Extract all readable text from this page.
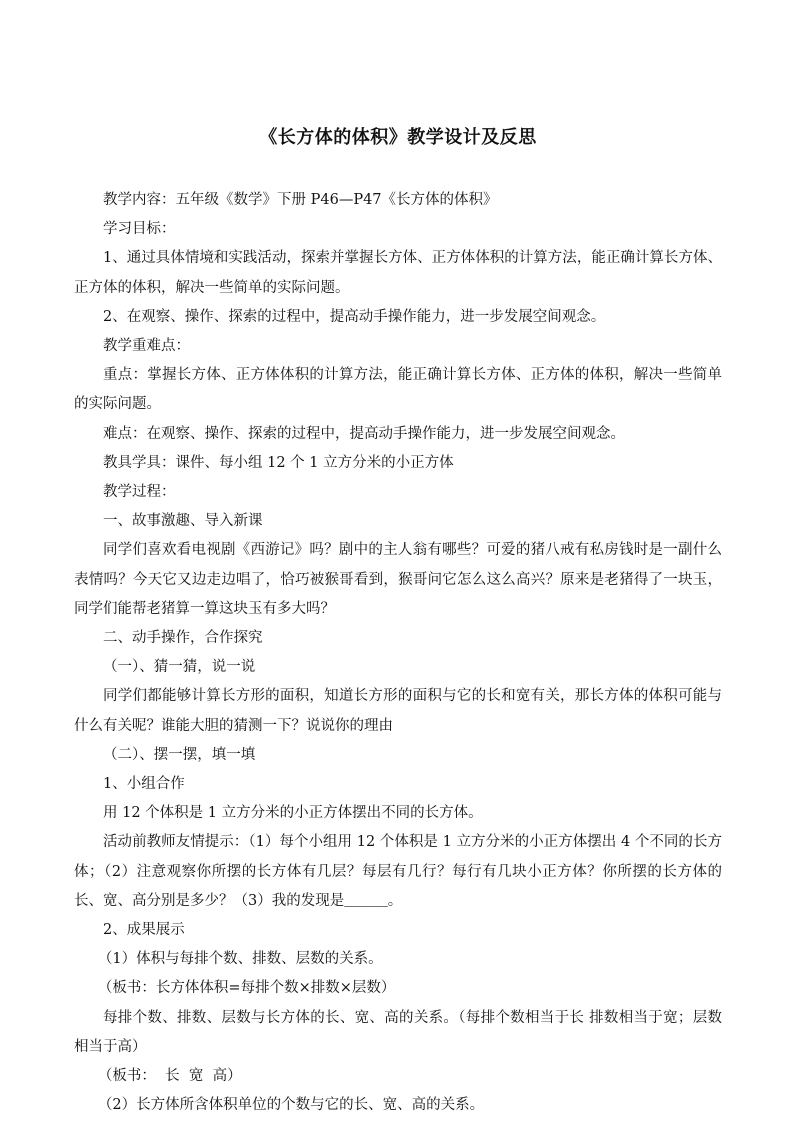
《长方体的体积》教学设计及反思

教学内容：五年级《数学》下册 P46—P47《长方体的体积》

学习目标：

1、通过具体情境和实践活动，探索并掌握长方体、正方体体积的计算方法，能正确计算长方体、正方体的体积，解决一些简单的实际问题。

2、在观察、操作、探索的过程中，提高动手操作能力，进一步发展空间观念。

教学重难点：

重点：掌握长方体、正方体体积的计算方法，能正确计算长方体、正方体的体积，解决一些简单的实际问题。

难点：在观察、操作、探索的过程中，提高动手操作能力，进一步发展空间观念。

教具学具：课件、每小组 12 个 1 立方分米的小正方体

教学过程：

一、故事激趣、导入新课

同学们喜欢看电视剧《西游记》吗？剧中的主人翁有哪些？可爱的猪八戒有私房钱时是一副什么表情吗？今天它又边走边唱了，恰巧被猴哥看到，猴哥问它怎么这么高兴？原来是老猪得了一块玉，同学们能帮老猪算一算这块玉有多大吗？

二、动手操作，合作探究

（一）、猜一猜，说一说

同学们都能够计算长方形的面积，知道长方形的面积与它的长和宽有关，那长方体的体积可能与什么有关呢？谁能大胆的猜测一下？说说你的理由

（二）、摆一摆，填一填

1、小组合作

用 12 个体积是 1 立方分米的小正方体摆出不同的长方体。

活动前教师友情提示：（1）每个小组用 12 个体积是 1 立方分米的小正方体摆出 4 个不同的长方体；（2）注意观察你所摆的长方体有几层？每层有几行？每行有几块小正方体？你所摆的长方体的长、宽、高分别是多少？（3）我的发现是＿＿＿。

2、成果展示

（1）体积与每排个数、排数、层数的关系。

（板书：长方体体积=每排个数×排数×层数）

每排个数、排数、层数与长方体的长、宽、高的关系。（每排个数相当于长 排数相当于宽；层数相当于高）

（板书：  长  宽  高）

（2）长方体所含体积单位的个数与它的长、宽、高的关系。
